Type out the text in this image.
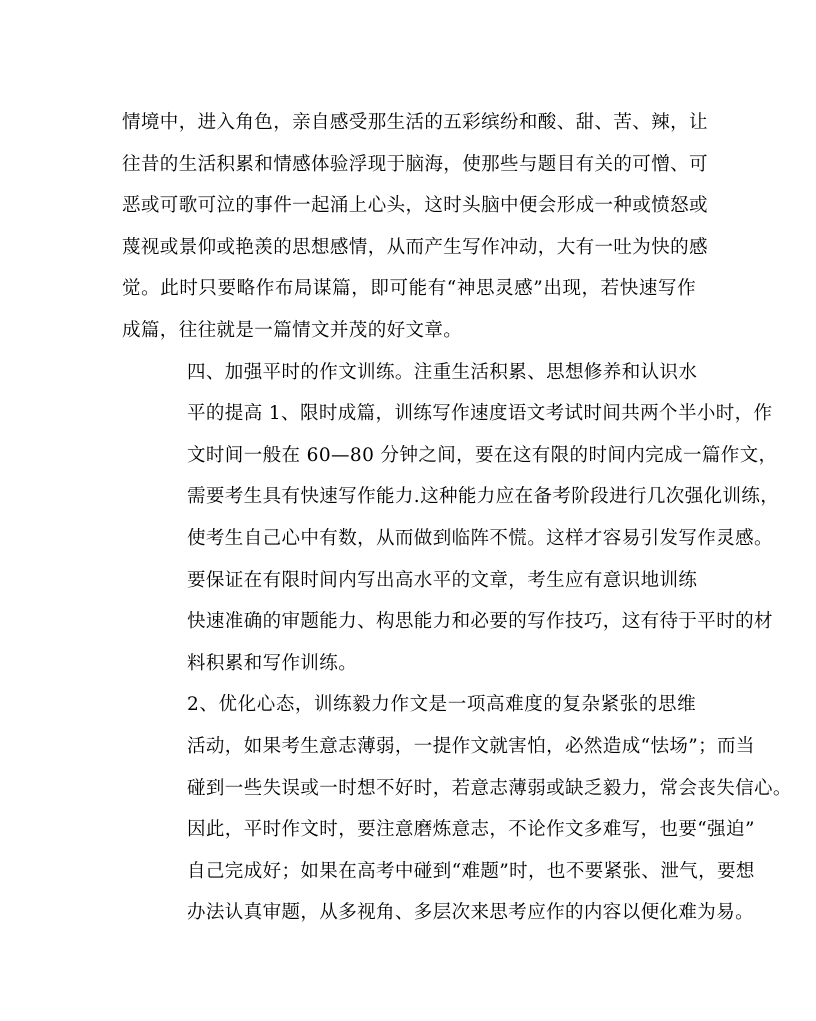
情境中，进入角色，亲自感受那生活的五彩缤纷和酸、甜、苦、辣，让
往昔的生活积累和情感体验浮现于脑海，使那些与题目有关的可憎、可
恶或可歌可泣的事件一起涌上心头，这时头脑中便会形成一种或愤怒或
蔑视或景仰或艳羡的思想感情，从而产生写作冲动，大有一吐为快的感
觉。此时只要略作布局谋篇，即可能有“神思灵感”出现，若快速写作
成篇，往往就是一篇情文并茂的好文章。

四、加强平时的作文训练。注重生活积累、思想修养和认识水
平的提高 1、限时成篇，训练写作速度语文考试时间共两个半小时，作
文时间一般在 60—80 分钟之间，要在这有限的时间内完成一篇作文，
需要考生具有快速写作能力.这种能力应在备考阶段进行几次强化训练，
使考生自己心中有数，从而做到临阵不慌。这样才容易引发写作灵感。

要保证在有限时间内写出高水平的文章，考生应有意识地训练
快速准确的审题能力、构思能力和必要的写作技巧，这有待于平时的材
料积累和写作训练。

2、优化心态，训练毅力作文是一项高难度的复杂紧张的思维
活动，如果考生意志薄弱，一提作文就害怕，必然造成“怯场”；而当
碰到一些失误或一时想不好时，若意志薄弱或缺乏毅力，常会丧失信心。
因此，平时作文时，要注意磨炼意志，不论作文多难写，也要“强迫”
自己完成好；如果在高考中碰到“难题”时，也不要紧张、泄气，要想
办法认真审题，从多视角、多层次来思考应作的内容以便化难为易。
